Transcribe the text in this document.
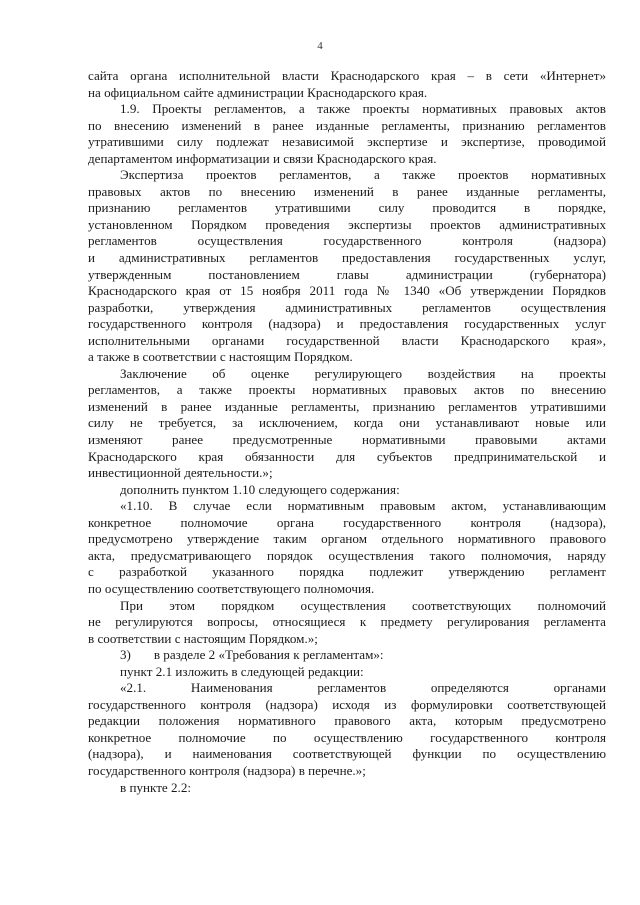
4

сайта органа исполнительной власти Краснодарского края – в сети «Интернет»

на официальном сайте администрации Краснодарского края.

1.9. Проекты регламентов, а также проекты нормативных правовых актов

по внесению изменений в ранее изданные регламенты, признанию регламентов

утратившими силу подлежат независимой экспертизе и экспертизе, проводимой

департаментом информатизации и связи Краснодарского края.

Экспертиза проектов регламентов, а также проектов нормативных

правовых актов по внесению изменений в ранее изданные регламенты,

признанию регламентов утратившими силу проводится в порядке,

установленном Порядком проведения экспертизы проектов административных

регламентов осуществления государственного контроля (надзора)

и административных регламентов предоставления государственных услуг,

утвержденным постановлением главы администрации (губернатора)

Краснодарского края от 15 ноября 2011 года № 1340 «Об утверждении Порядков

разработки, утверждения административных регламентов осуществления

государственного контроля (надзора) и предоставления государственных услуг

исполнительными органами государственной власти Краснодарского края»,

а также в соответствии с настоящим Порядком.

Заключение об оценке регулирующего воздействия на проекты

регламентов, а также проекты нормативных правовых актов по внесению

изменений в ранее изданные регламенты, признанию регламентов утратившими

силу не требуется, за исключением, когда они устанавливают новые или

изменяют ранее предусмотренные нормативными правовыми актами

Краснодарского края обязанности для субъектов предпринимательской и

инвестиционной деятельности.»;

дополнить пунктом 1.10 следующего содержания:

«1.10. В случае если нормативным правовым актом, устанавливающим

конкретное полномочие органа государственного контроля (надзора),

предусмотрено утверждение таким органом отдельного нормативного правового

акта, предусматривающего порядок осуществления такого полномочия, наряду

с разработкой указанного порядка подлежит утверждению регламент

по осуществлению соответствующего полномочия.

При этом порядком осуществления соответствующих полномочий

не регулируются вопросы, относящиеся к предмету регулирования регламента

в соответствии с настоящим Порядком.»;

3)       в разделе 2 «Требования к регламентам»:

пункт 2.1 изложить в следующей редакции:

«2.1. Наименования регламентов определяются органами

государственного контроля (надзора) исходя из формулировки соответствующей

редакции положения нормативного правового акта, которым предусмотрено

конкретное полномочие по осуществлению государственного контроля

(надзора), и наименования соответствующей функции по осуществлению

государственного контроля (надзора) в перечне.»;

в пункте 2.2:
